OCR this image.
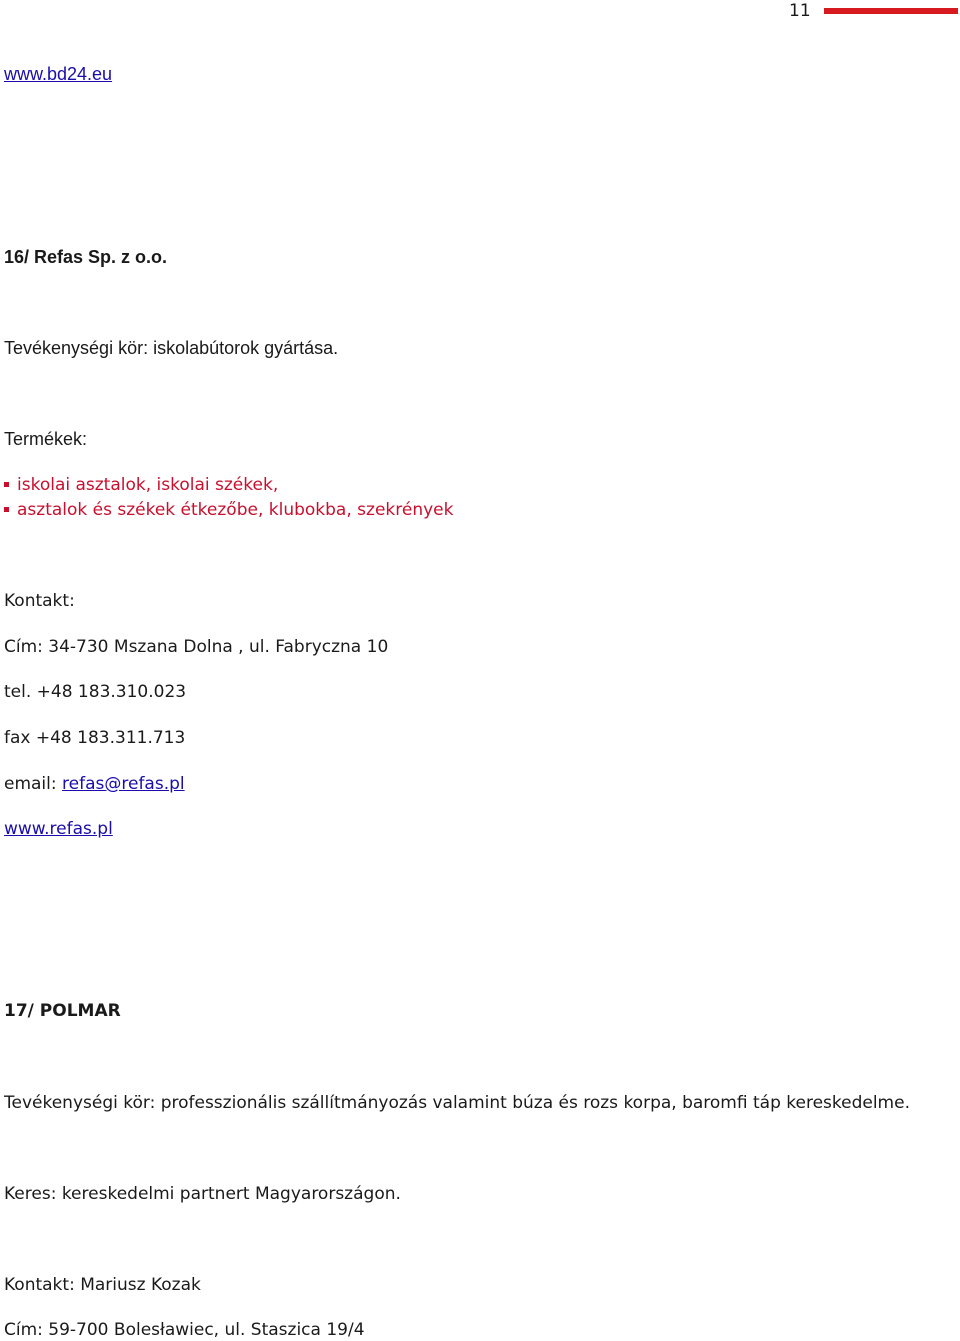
11
www.bd24.eu
16/ Refas Sp. z o.o.
Tevékenységi kör: iskolabútorok gyártása.
Termékek:
iskolai asztalok, iskolai székek,
asztalok és székek étkezőbe, klubokba, szekrények
Kontakt:
Cím: 34-730 Mszana Dolna , ul. Fabryczna 10
tel. +48 183.310.023
fax +48 183.311.713
email: refas@refas.pl
www.refas.pl
17/ POLMAR
Tevékenységi kör: professzionális szállítmányozás valamint búza és rozs korpa, baromfi táp kereskedelme.
Keres: kereskedelmi partnert Magyarországon.
Kontakt: Mariusz Kozak
Cím: 59-700 Bolesławiec, ul. Staszica 19/4
